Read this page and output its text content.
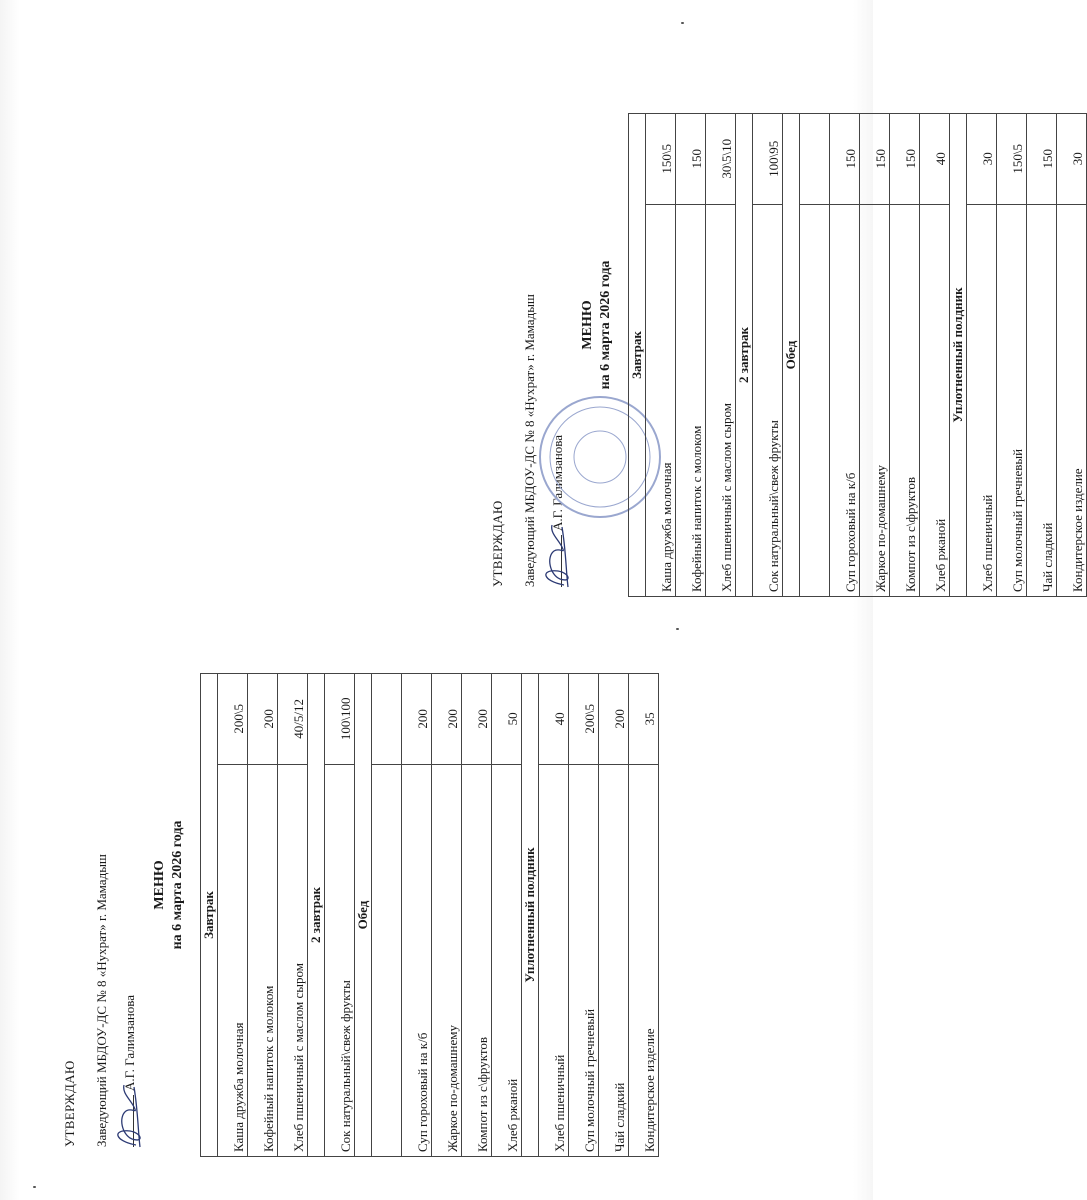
УТВЕРЖДАЮ Заведующий МБДОУ-ДС № 8 «Нухрат» г. Мамадыш А.Г. Галимзанова
МЕНЮ на 6 марта 2026 года Завтрак	
Каша дружба молочная	200\5
Кофейный напиток с молоком	200
Хлеб пшеничный с маслом сыром	40/5/12
2 завтрак	
Сок натуральный\свеж фрукты	100\100
Обед	

Суп гороховый на к/б	200
Жаркое по-домашнему	200
Компот из с\фруктов	200
Хлеб ржаной	50
Уплотненный полдник	
Хлеб пшеничный	40
Суп молочный гречневый	200\5
Чай сладкий	200
Кондитерское изделие	35
УТВЕРЖДАЮ Заведующий МБДОУ-ДС № 8 «Нухрат» г. Мамадыш А.Г. Галимзанова
МЕНЮ на 6 марта 2026 года Завтрак	
Каша дружба молочная	150\5
Кофейный напиток с молоком	150
Хлеб пшеничный с маслом сыром	30\5\10
2 завтрак	
Сок натуральный\свеж фрукты	100\95
Обед	

Суп гороховый на к/б	150
Жаркое по-домашнему	150
Компот из с\фруктов	150
Хлеб ржаной	40
Уплотненный полдник	
Хлеб пшеничный	30
Суп молочный гречневый	150\5
Чай сладкий	150
Кондитерское изделие	30
